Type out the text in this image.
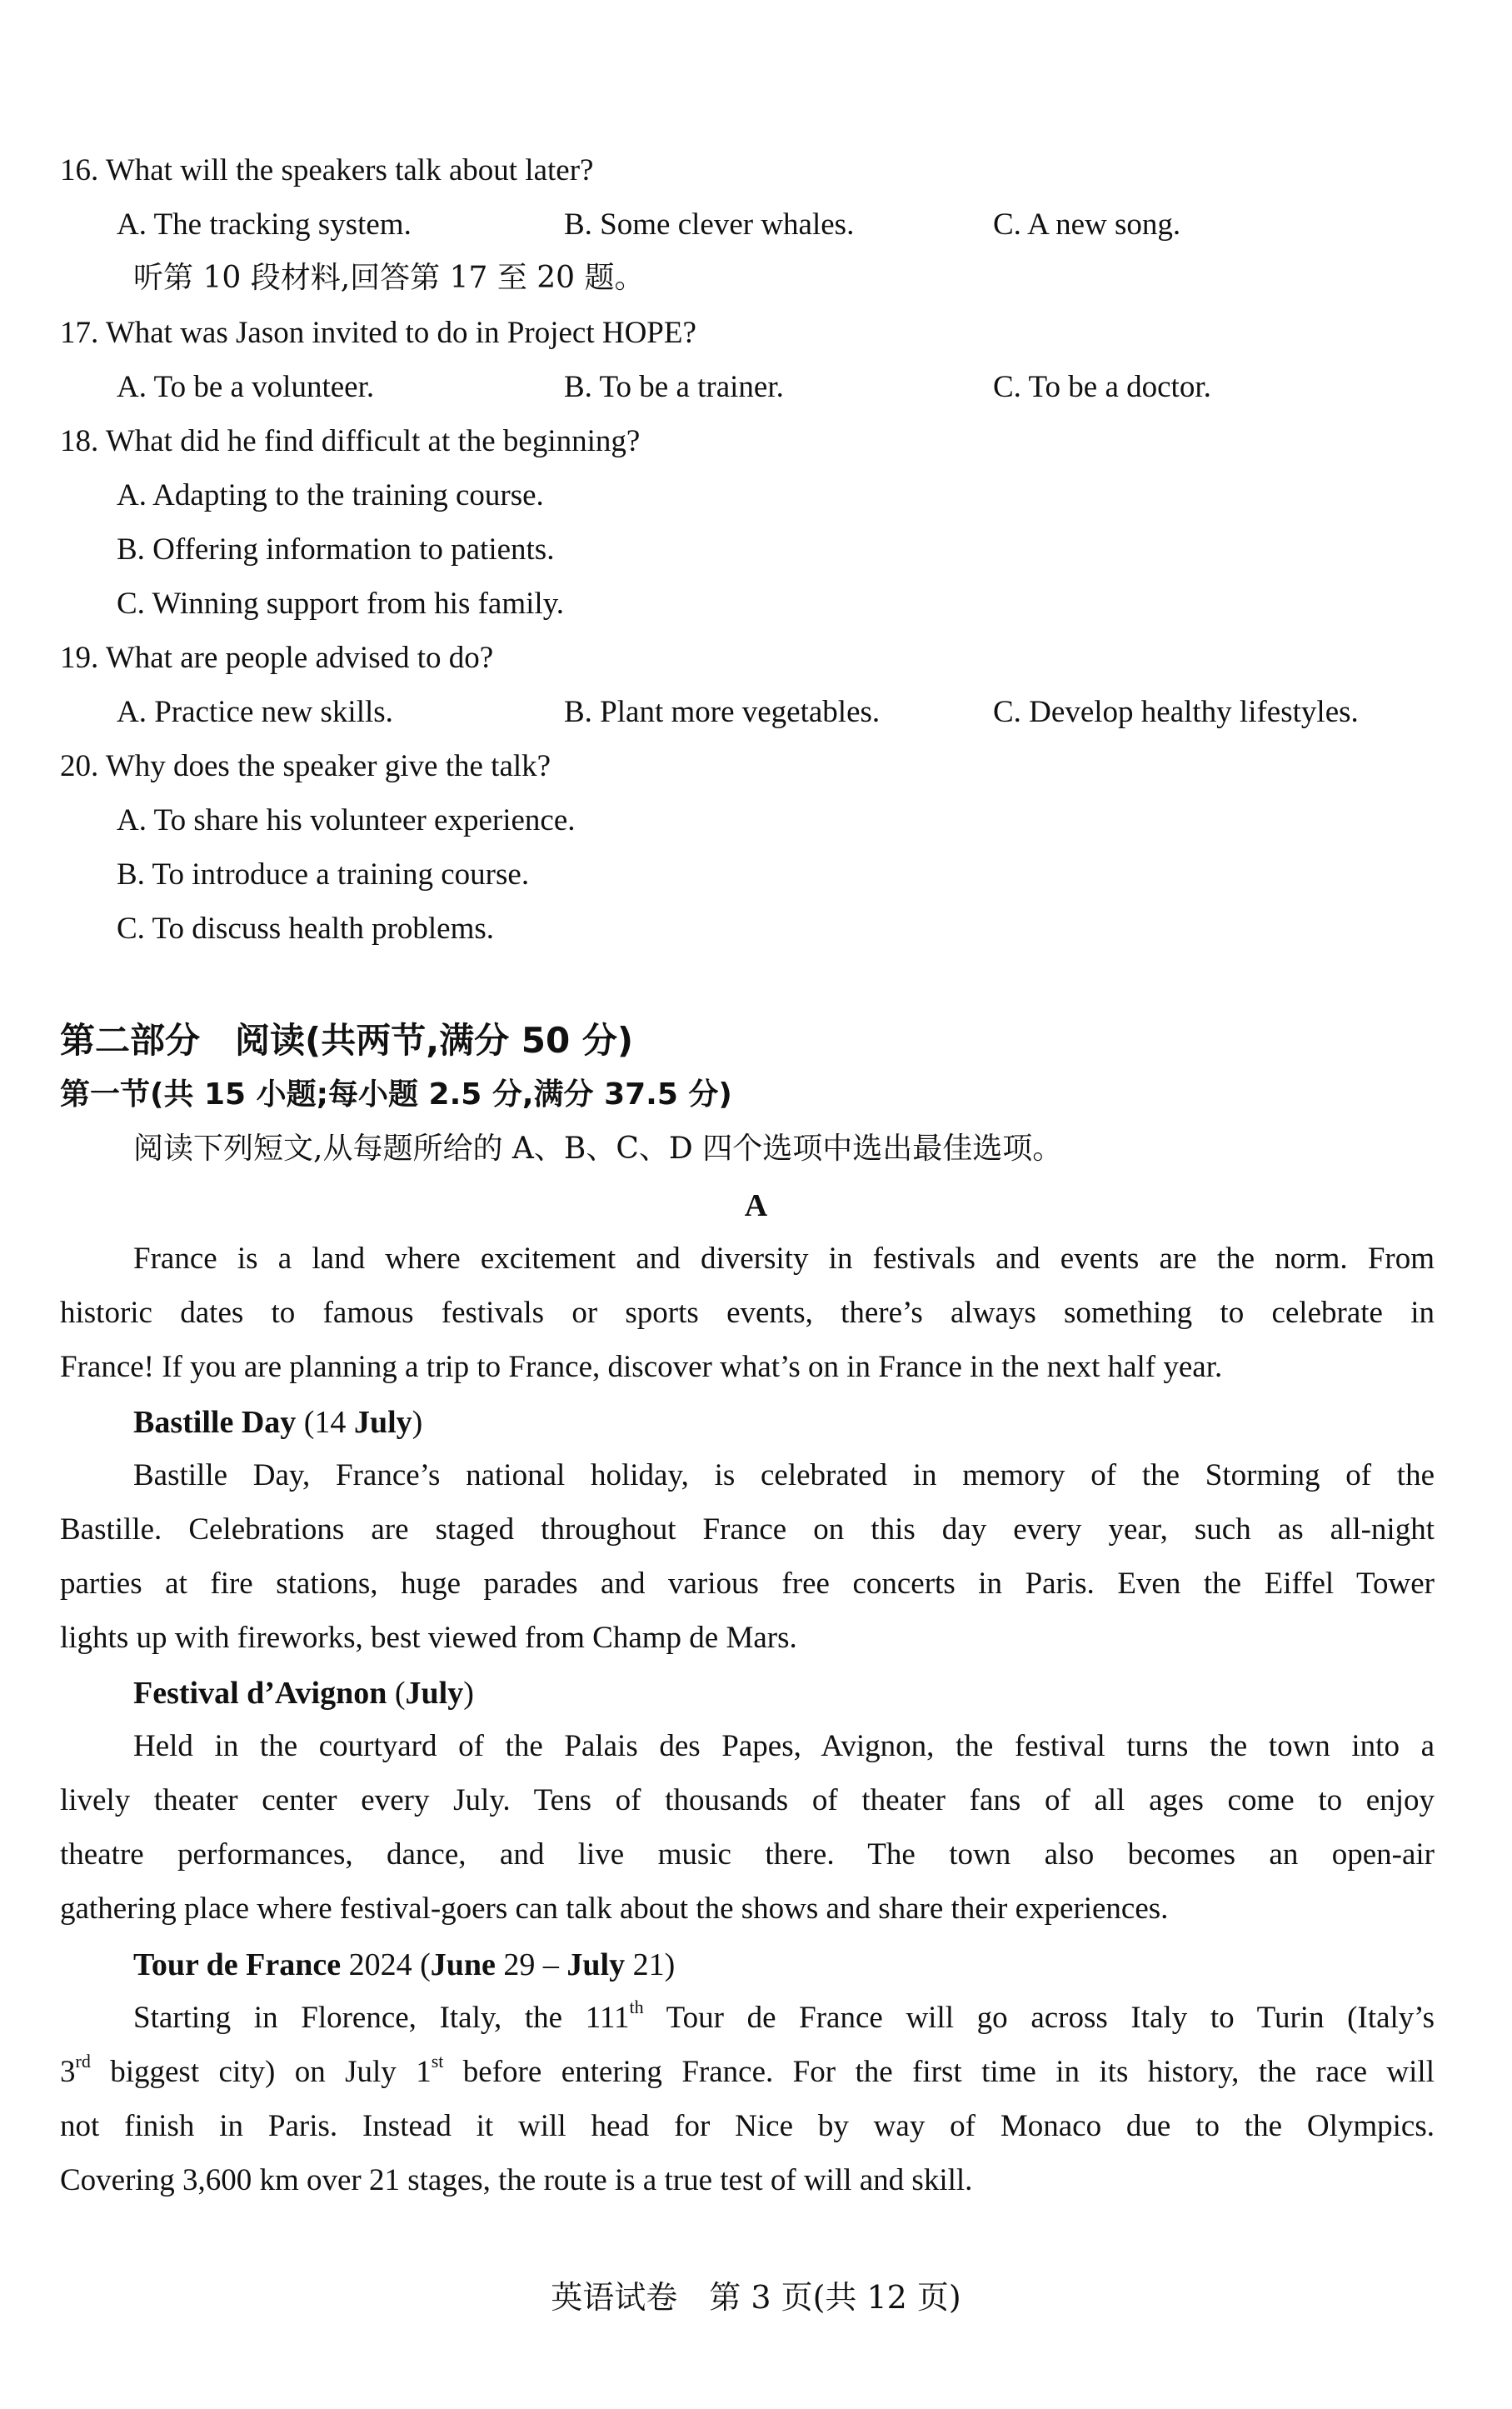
16. What will the speakers talk about later?
A. The tracking system.	B. Some clever whales.	C. A new song.
听第 10 段材料,回答第 17 至 20 题。
17. What was Jason invited to do in Project HOPE?
A. To be a volunteer.	B. To be a trainer.	C. To be a doctor.
18. What did he find difficult at the beginning?
A. Adapting to the training course.
B. Offering information to patients.
C. Winning support from his family.
19. What are people advised to do?
A. Practice new skills.	B. Plant more vegetables.	C. Develop healthy lifestyles.
20. Why does the speaker give the talk?
A. To share his volunteer experience.
B. To introduce a training course.
C. To discuss health problems.
第二部分　阅读(共两节,满分 50 分)
第一节(共 15 小题;每小题 2.5 分,满分 37.5 分)
阅读下列短文,从每题所给的 A、B、C、D 四个选项中选出最佳选项。
A
France is a land where excitement and diversity in festivals and events are the norm. From
historic dates to famous festivals or sports events, there’s always something to celebrate in
France! If you are planning a trip to France, discover what’s on in France in the next half year.
Bastille Day (14 July)
Bastille Day, France’s national holiday, is celebrated in memory of the Storming of the
Bastille. Celebrations are staged throughout France on this day every year, such as all-night
parties at fire stations, huge parades and various free concerts in Paris. Even the Eiffel Tower
lights up with fireworks, best viewed from Champ de Mars.
Festival d’Avignon (July)
Held in the courtyard of the Palais des Papes, Avignon, the festival turns the town into a
lively theater center every July. Tens of thousands of theater fans of all ages come to enjoy
theatre performances, dance, and live music there. The town also becomes an open-air
gathering place where festival-goers can talk about the shows and share their experiences.
Tour de France 2024 (June 29 – July 21)
Starting in Florence, Italy, the 111th Tour de France will go across Italy to Turin (Italy’s
3rd biggest city) on July 1st before entering France. For the first time in its history, the race will
not finish in Paris. Instead it will head for Nice by way of Monaco due to the Olympics.
Covering 3,600 km over 21 stages, the route is a true test of will and skill.
英语试卷　第 3 页(共 12 页)
